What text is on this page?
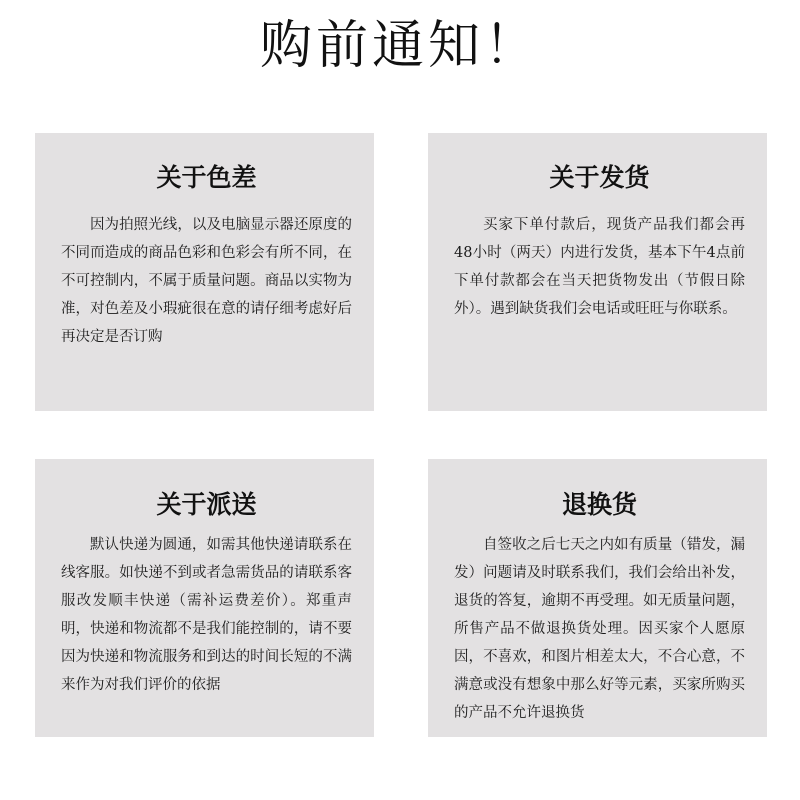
购前通知！
关于色差

因为拍照光线，以及电脑显示器还原度的不同而造成的商品色彩和色彩会有所不同，在不可控制内，不属于质量问题。商品以实物为准，对色差及小瑕疵很在意的请仔细考虑好后再决定是否订购

关于发货

买家下单付款后，现货产品我们都会再48小时（两天）内进行发货，基本下午4点前下单付款都会在当天把货物发出（节假日除外）。遇到缺货我们会电话或旺旺与你联系。

关于派送

默认快递为圆通，如需其他快递请联系在线客服。如快递不到或者急需货品的请联系客服改发顺丰快递（需补运费差价）。郑重声明，快递和物流都不是我们能控制的，请不要因为快递和物流服务和到达的时间长短的不满来作为对我们评价的依据

退换货

自签收之后七天之内如有质量（错发，漏发）问题请及时联系我们，我们会给出补发，退货的答复，逾期不再受理。如无质量问题，所售产品不做退换货处理。因买家个人愿原因，不喜欢，和图片相差太大，不合心意，不满意或没有想象中那么好等元素，买家所购买的产品不允许退换货
